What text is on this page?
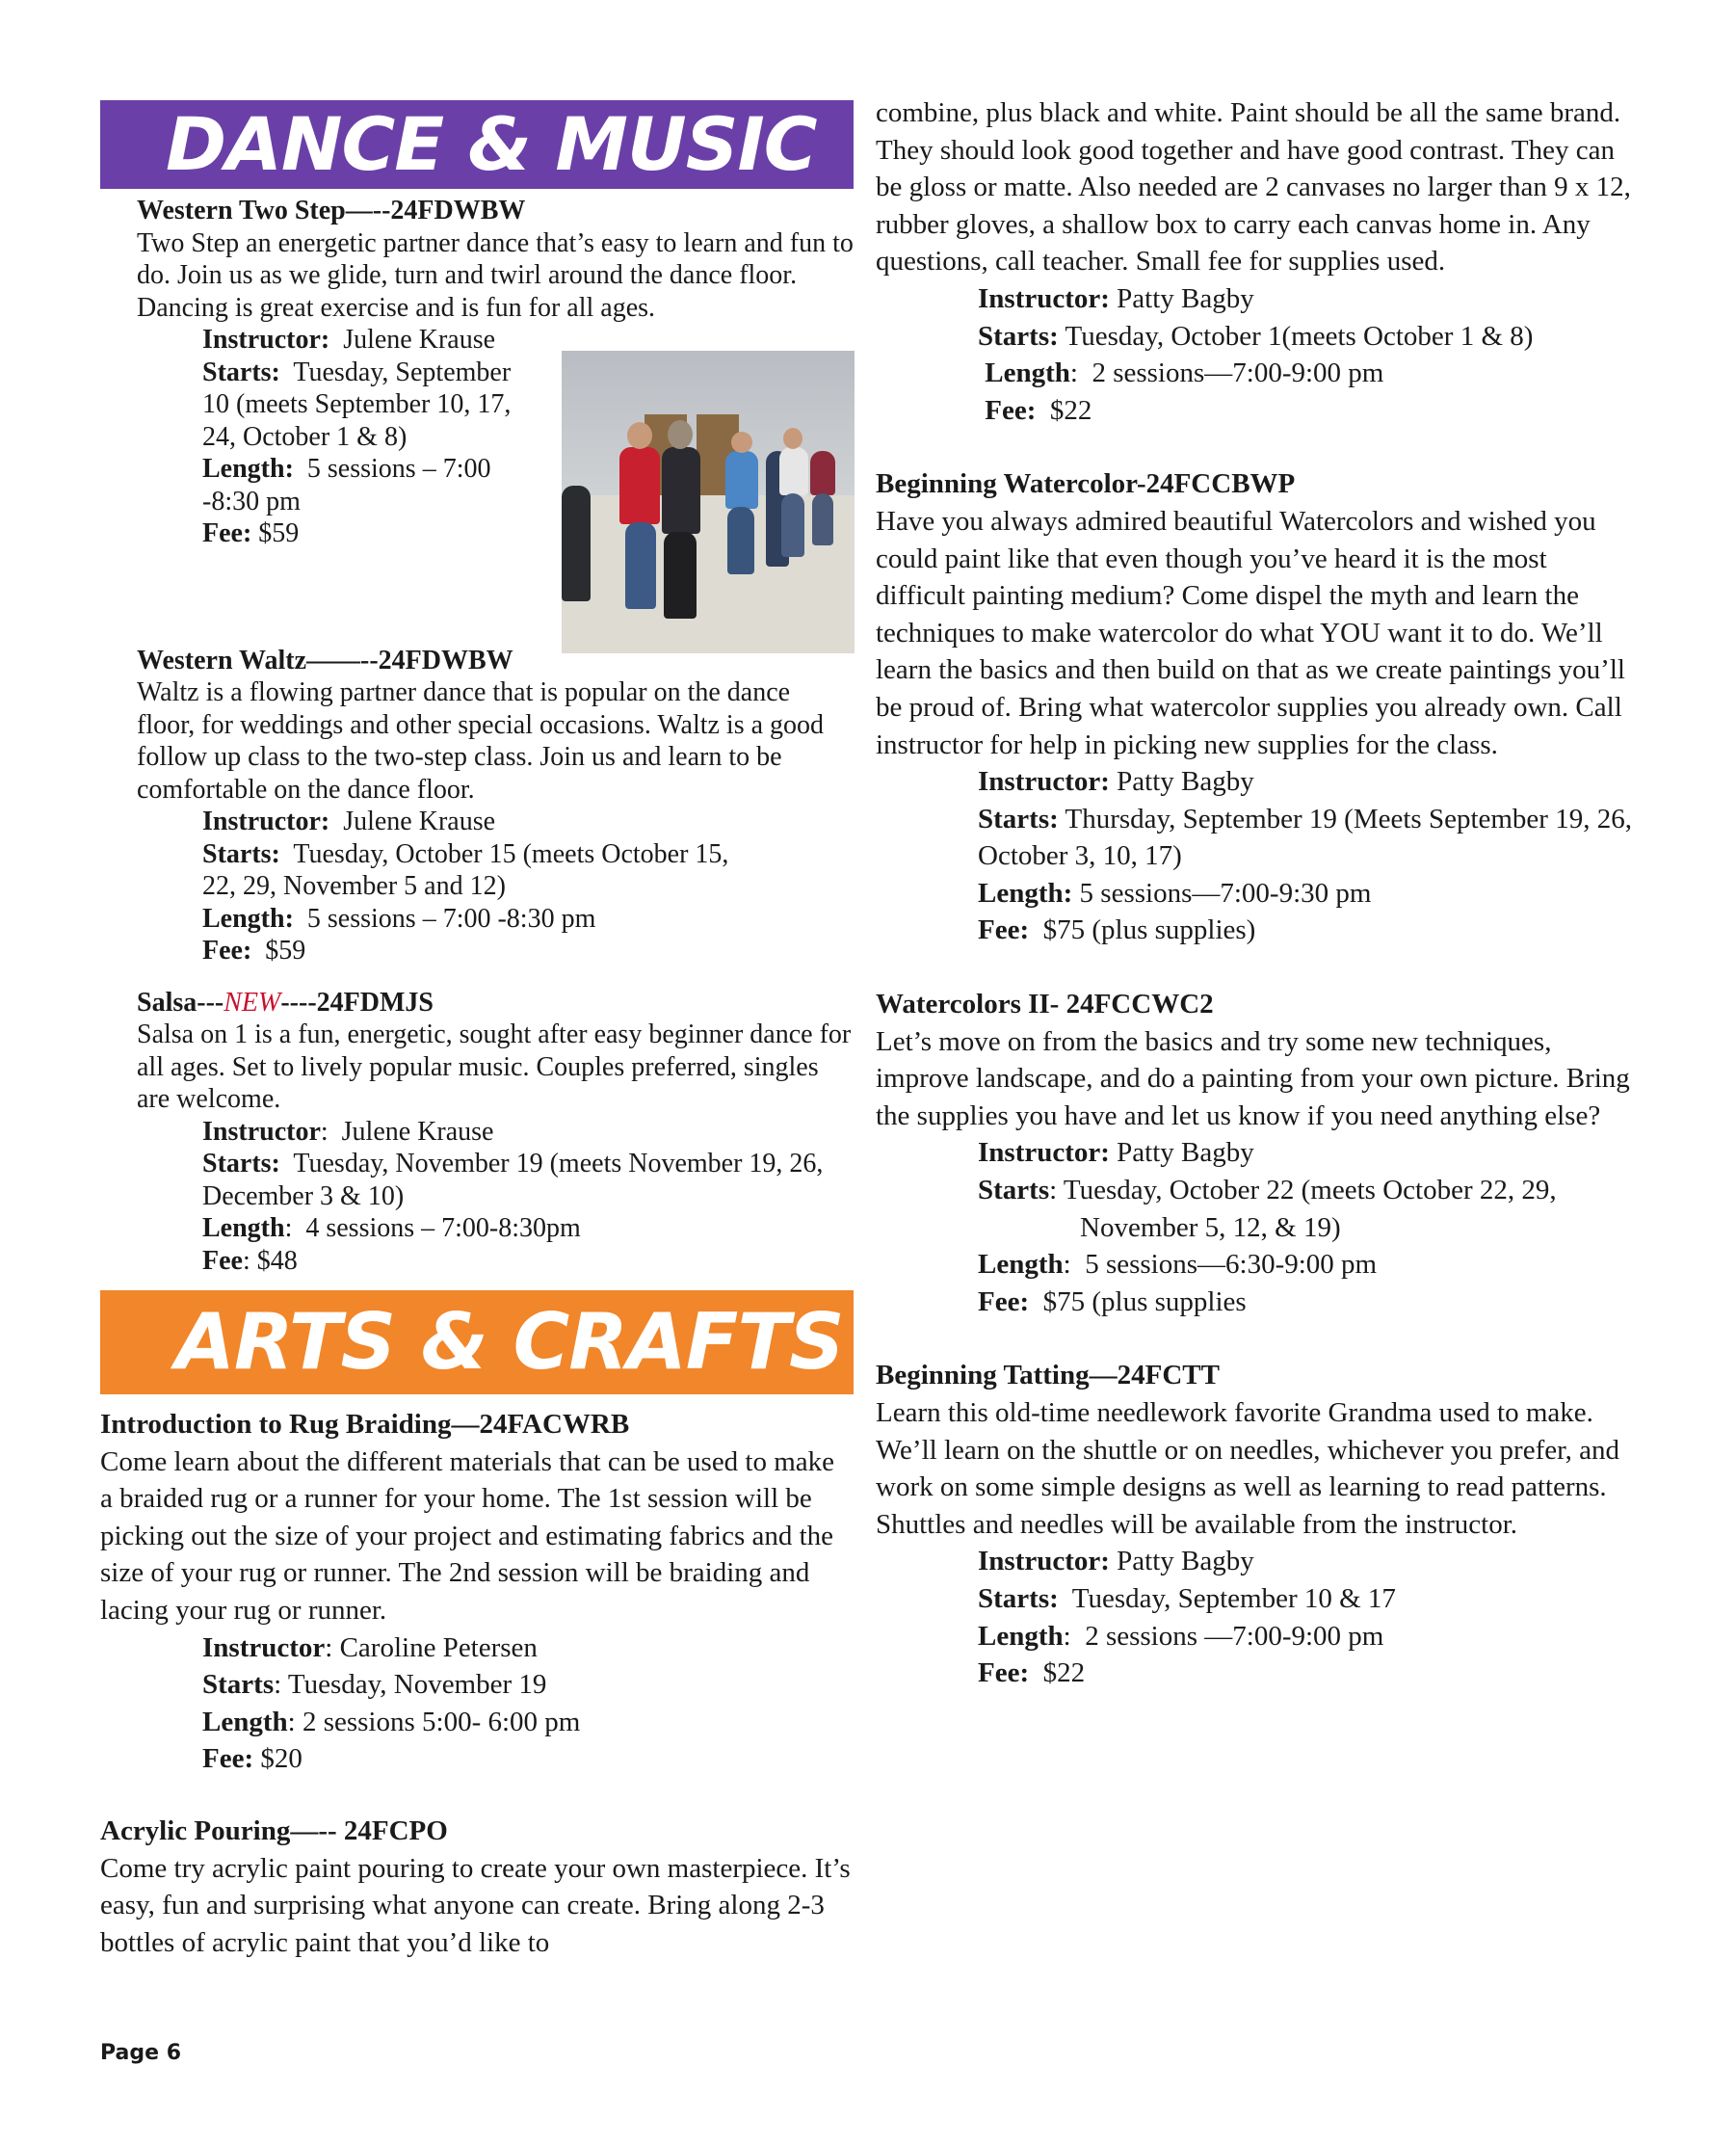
DANCE & MUSIC
Western Two Step—--24FDWBW

Two Step an energetic partner dance that’s easy to learn and fun to do. Join us as we glide, turn and twirl around the dance floor. Dancing is great exercise and is fun for all ages.

Instructor: Julene Krause
Starts: Tuesday, September 10 (meets September 10, 17, 24, October 1 & 8)
Length: 5 sessions – 7:00 -8:30 pm
Fee: $59
Western Waltz——--24FDWBW

Waltz is a flowing partner dance that is popular on the dance floor, for weddings and other special occasions. Waltz is a good follow up class to the two-step class. Join us and learn to be comfortable on the dance floor.

Instructor: Julene Krause
Starts: Tuesday, October 15 (meets October 15, 22, 29, November 5 and 12)
Length: 5 sessions – 7:00 -8:30 pm
Fee: $59
Salsa---NEW----24FDMJS

Salsa on 1 is a fun, energetic, sought after easy beginner dance for all ages. Set to lively popular music. Couples preferred, singles are welcome.

Instructor:  Julene Krause
Starts: Tuesday, November 19 (meets November 19, 26, December 3 & 10)
Length:  4 sessions – 7:00-8:30pm
Fee: $48
ARTS & CRAFTS
Introduction to Rug Braiding—24FACWRB

Come learn about the different materials that can be used to make a braided rug or a runner for your home. The 1st session will be picking out the size of your project and estimating fabrics and the size of your rug or runner. The 2nd session will be braiding and lacing your rug or runner.

Instructor: Caroline Petersen
Starts: Tuesday, November 19
Length: 2 sessions 5:00- 6:00 pm
Fee: $20
Acrylic Pouring—-- 24FCPO

Come try acrylic paint pouring to create your own masterpiece. It’s easy, fun and surprising what anyone can create. Bring along 2-3 bottles of acrylic paint that you’d like to

combine, plus black and white. Paint should be all the same brand. They should look good together and have good contrast. They can be gloss or matte. Also needed are 2 canvases no larger than 9 x 12, rubber gloves, a shallow box to carry each canvas home in. Any questions, call teacher. Small fee for supplies used.

Instructor: Patty Bagby
Starts: Tuesday, October 1(meets October 1 & 8)
Length:  2 sessions—7:00-9:00 pm
Fee: $22
Beginning Watercolor-24FCCBWP

Have you always admired beautiful Watercolors and wished you could paint like that even though you’ve heard it is the most difficult painting medium? Come dispel the myth and learn the techniques to make watercolor do what YOU want it to do. We’ll learn the basics and then build on that as we create paintings you’ll be proud of. Bring what watercolor supplies you already own. Call instructor for help in picking new supplies for the class.

Instructor: Patty Bagby
Starts: Thursday, September 19 (Meets September 19, 26, October 3, 10, 17)
Length: 5 sessions—7:00-9:30 pm
Fee: $75 (plus supplies)
Watercolors II- 24FCCWC2

Let’s move on from the basics and try some new techniques, improve landscape, and do a painting from your own picture. Bring the supplies you have and let us know if you need anything else?

Instructor: Patty Bagby
Starts: Tuesday, October 22 (meets October 22, 29,
November 5, 12, & 19)
Length:  5 sessions—6:30-9:00 pm
Fee: $75 (plus supplies
Beginning Tatting—24FCTT

Learn this old-time needlework favorite Grandma used to make. We’ll learn on the shuttle or on needles, whichever you prefer, and work on some simple designs as well as learning to read patterns. Shuttles and needles will be available from the instructor.

Instructor: Patty Bagby
Starts: Tuesday, September 10 & 17
Length:  2 sessions —7:00-9:00 pm
Fee: $22
Page 6
